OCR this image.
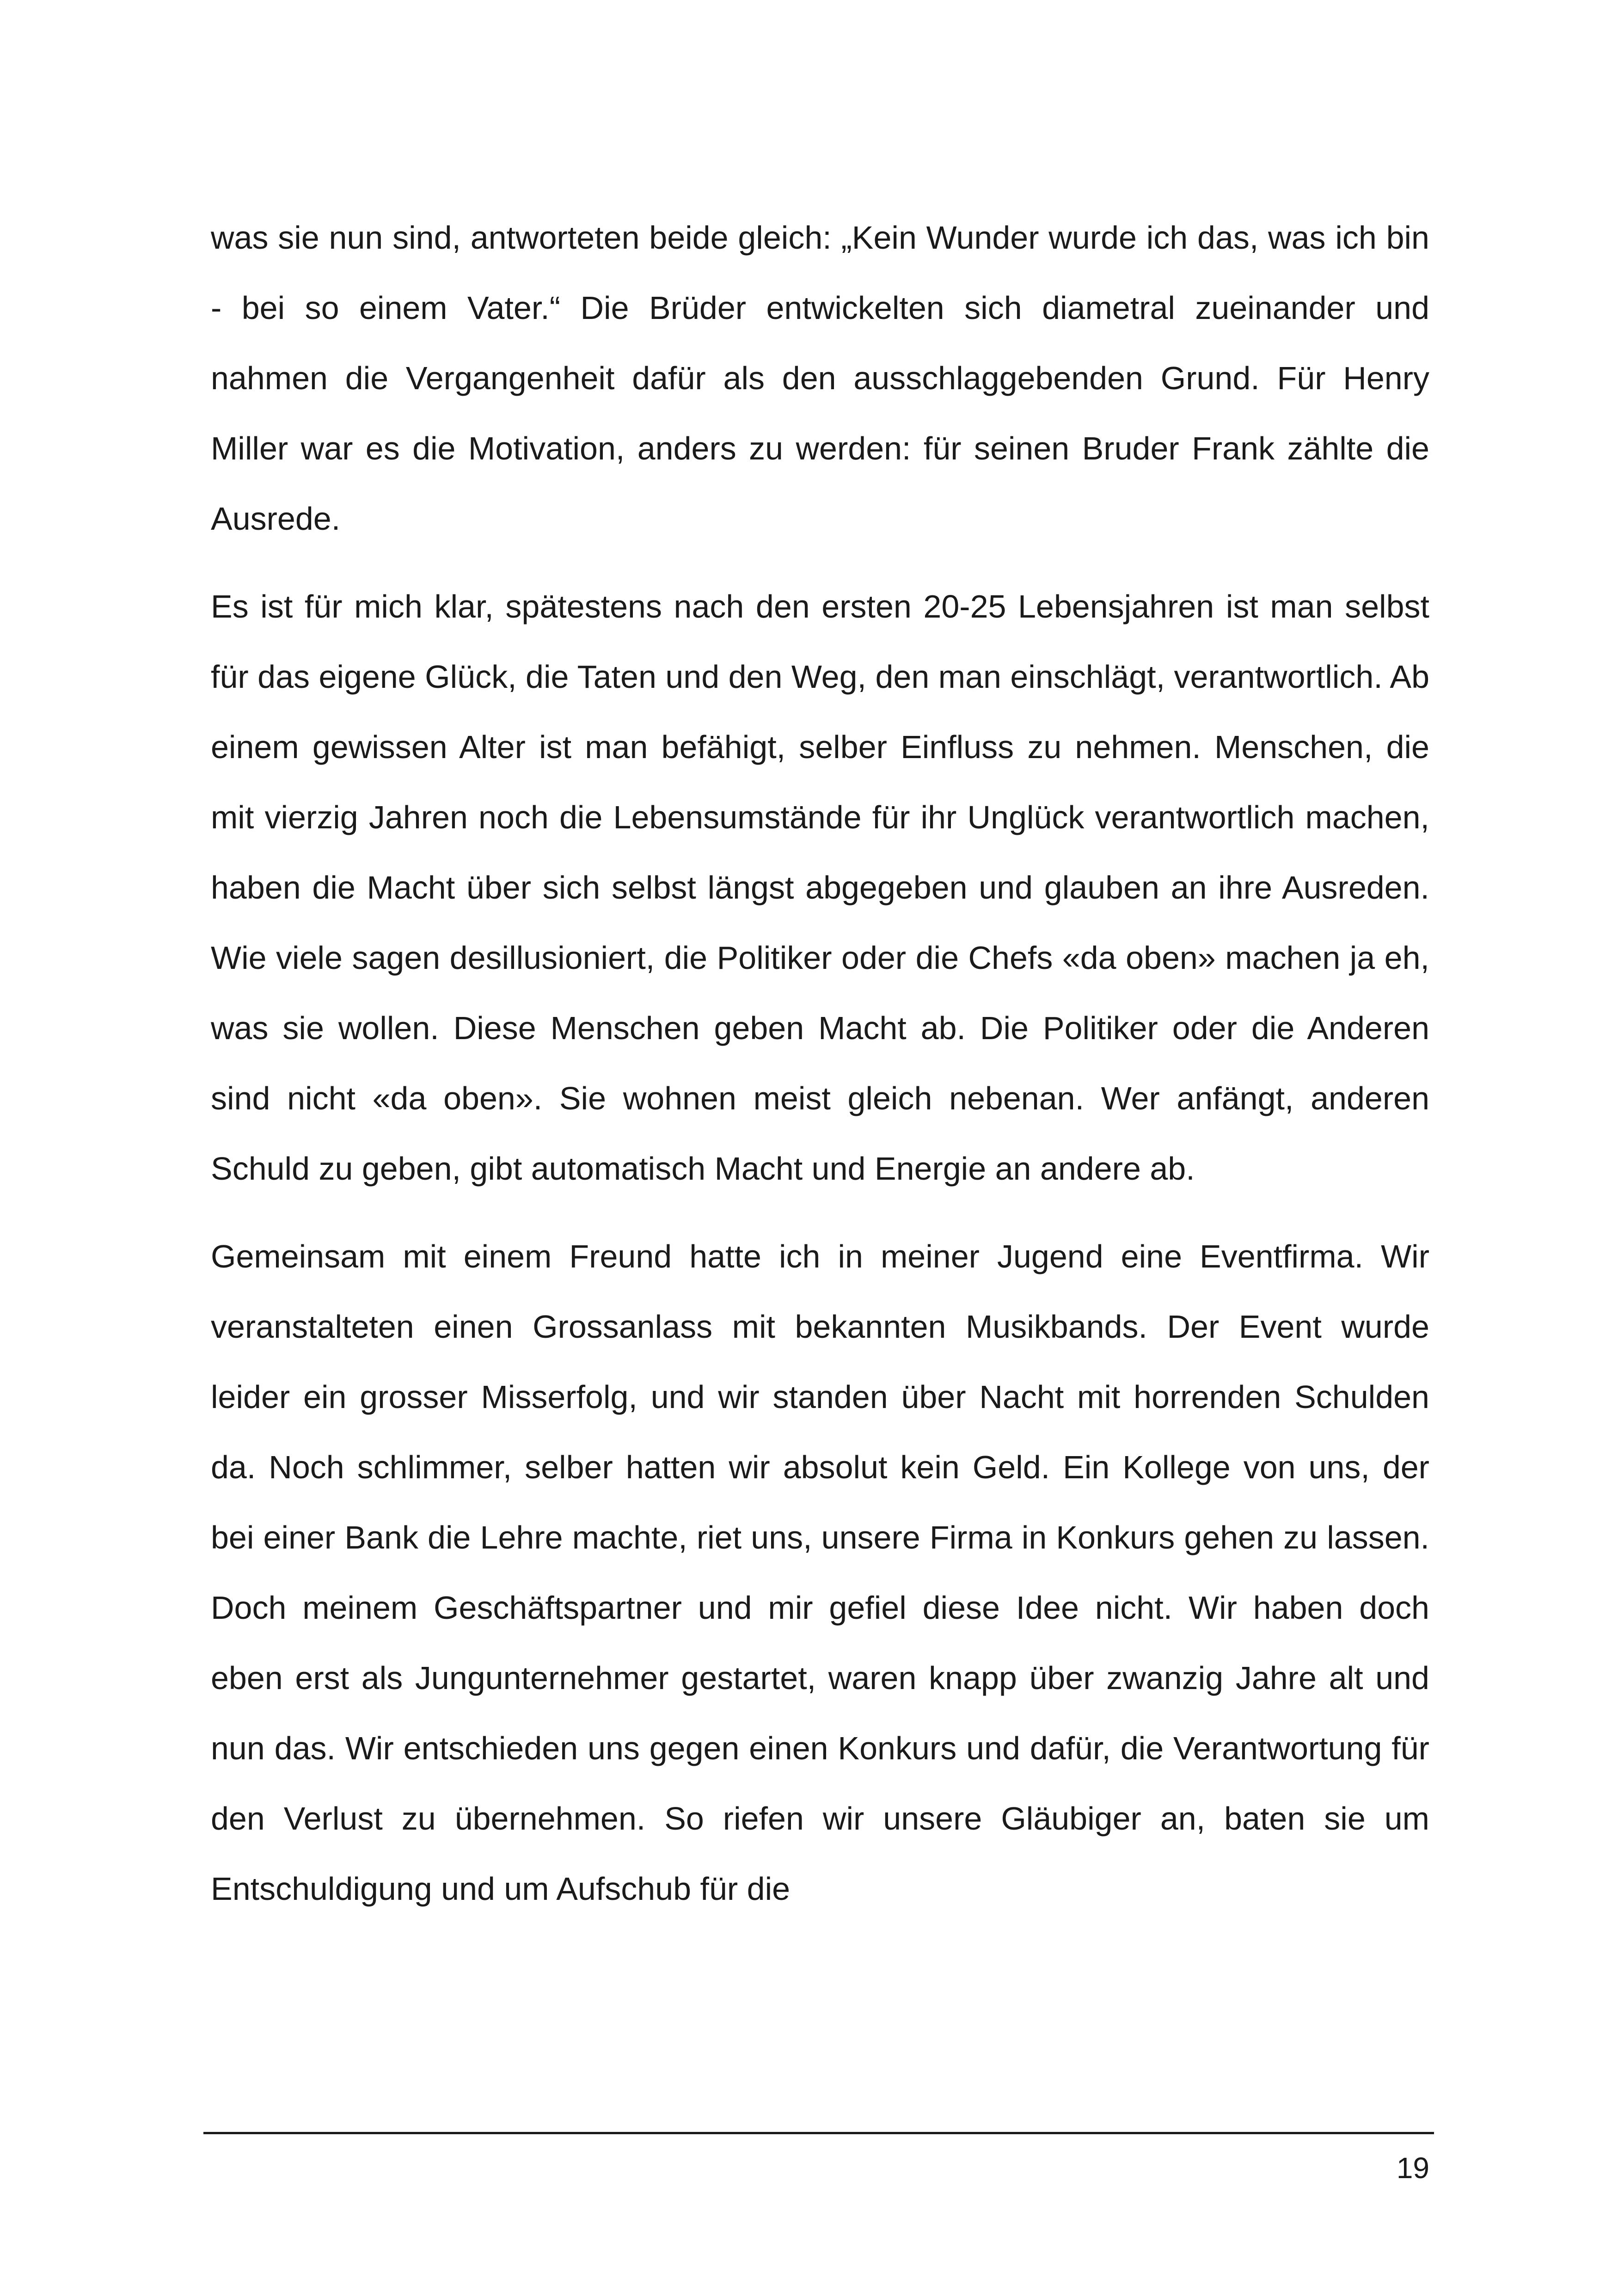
was sie nun sind, antworteten beide gleich: „Kein Wunder wurde ich das, was ich bin - bei so einem Vater.“ Die Brüder entwickelten sich diametral zueinander und nahmen die Vergangenheit dafür als den ausschlaggebenden Grund. Für Henry Miller war es die Motivation, anders zu werden: für seinen Bruder Frank zählte die Ausrede.

Es ist für mich klar, spätestens nach den ersten 20-25 Lebensjahren ist man selbst für das eigene Glück, die Taten und den Weg, den man einschlägt, verantwortlich. Ab einem gewissen Alter ist man befähigt, selber Einfluss zu nehmen. Menschen, die mit vierzig Jahren noch die Lebensumstände für ihr Unglück verantwortlich machen, haben die Macht über sich selbst längst abgegeben und glauben an ihre Ausreden. Wie viele sagen desillusioniert, die Politiker oder die Chefs «da oben» machen ja eh, was sie wollen. Diese Menschen geben Macht ab. Die Politiker oder die Anderen sind nicht «da oben». Sie wohnen meist gleich nebenan. Wer anfängt, anderen Schuld zu geben, gibt automatisch Macht und Energie an andere ab.

Gemeinsam mit einem Freund hatte ich in meiner Jugend eine Eventfirma. Wir veranstalteten einen Grossanlass mit bekannten Musikbands. Der Event wurde leider ein grosser Misserfolg, und wir standen über Nacht mit horrenden Schulden da. Noch schlimmer, selber hatten wir absolut kein Geld. Ein Kollege von uns, der bei einer Bank die Lehre machte, riet uns, unsere Firma in Konkurs gehen zu lassen. Doch meinem Geschäftspartner und mir gefiel diese Idee nicht. Wir haben doch eben erst als Jungunternehmer gestartet, waren knapp über zwanzig Jahre alt und nun das. Wir entschieden uns gegen einen Konkurs und dafür, die Verantwortung für den Verlust zu übernehmen. So riefen wir unsere Gläubiger an, baten sie um Entschuldigung und um Aufschub für die

19
